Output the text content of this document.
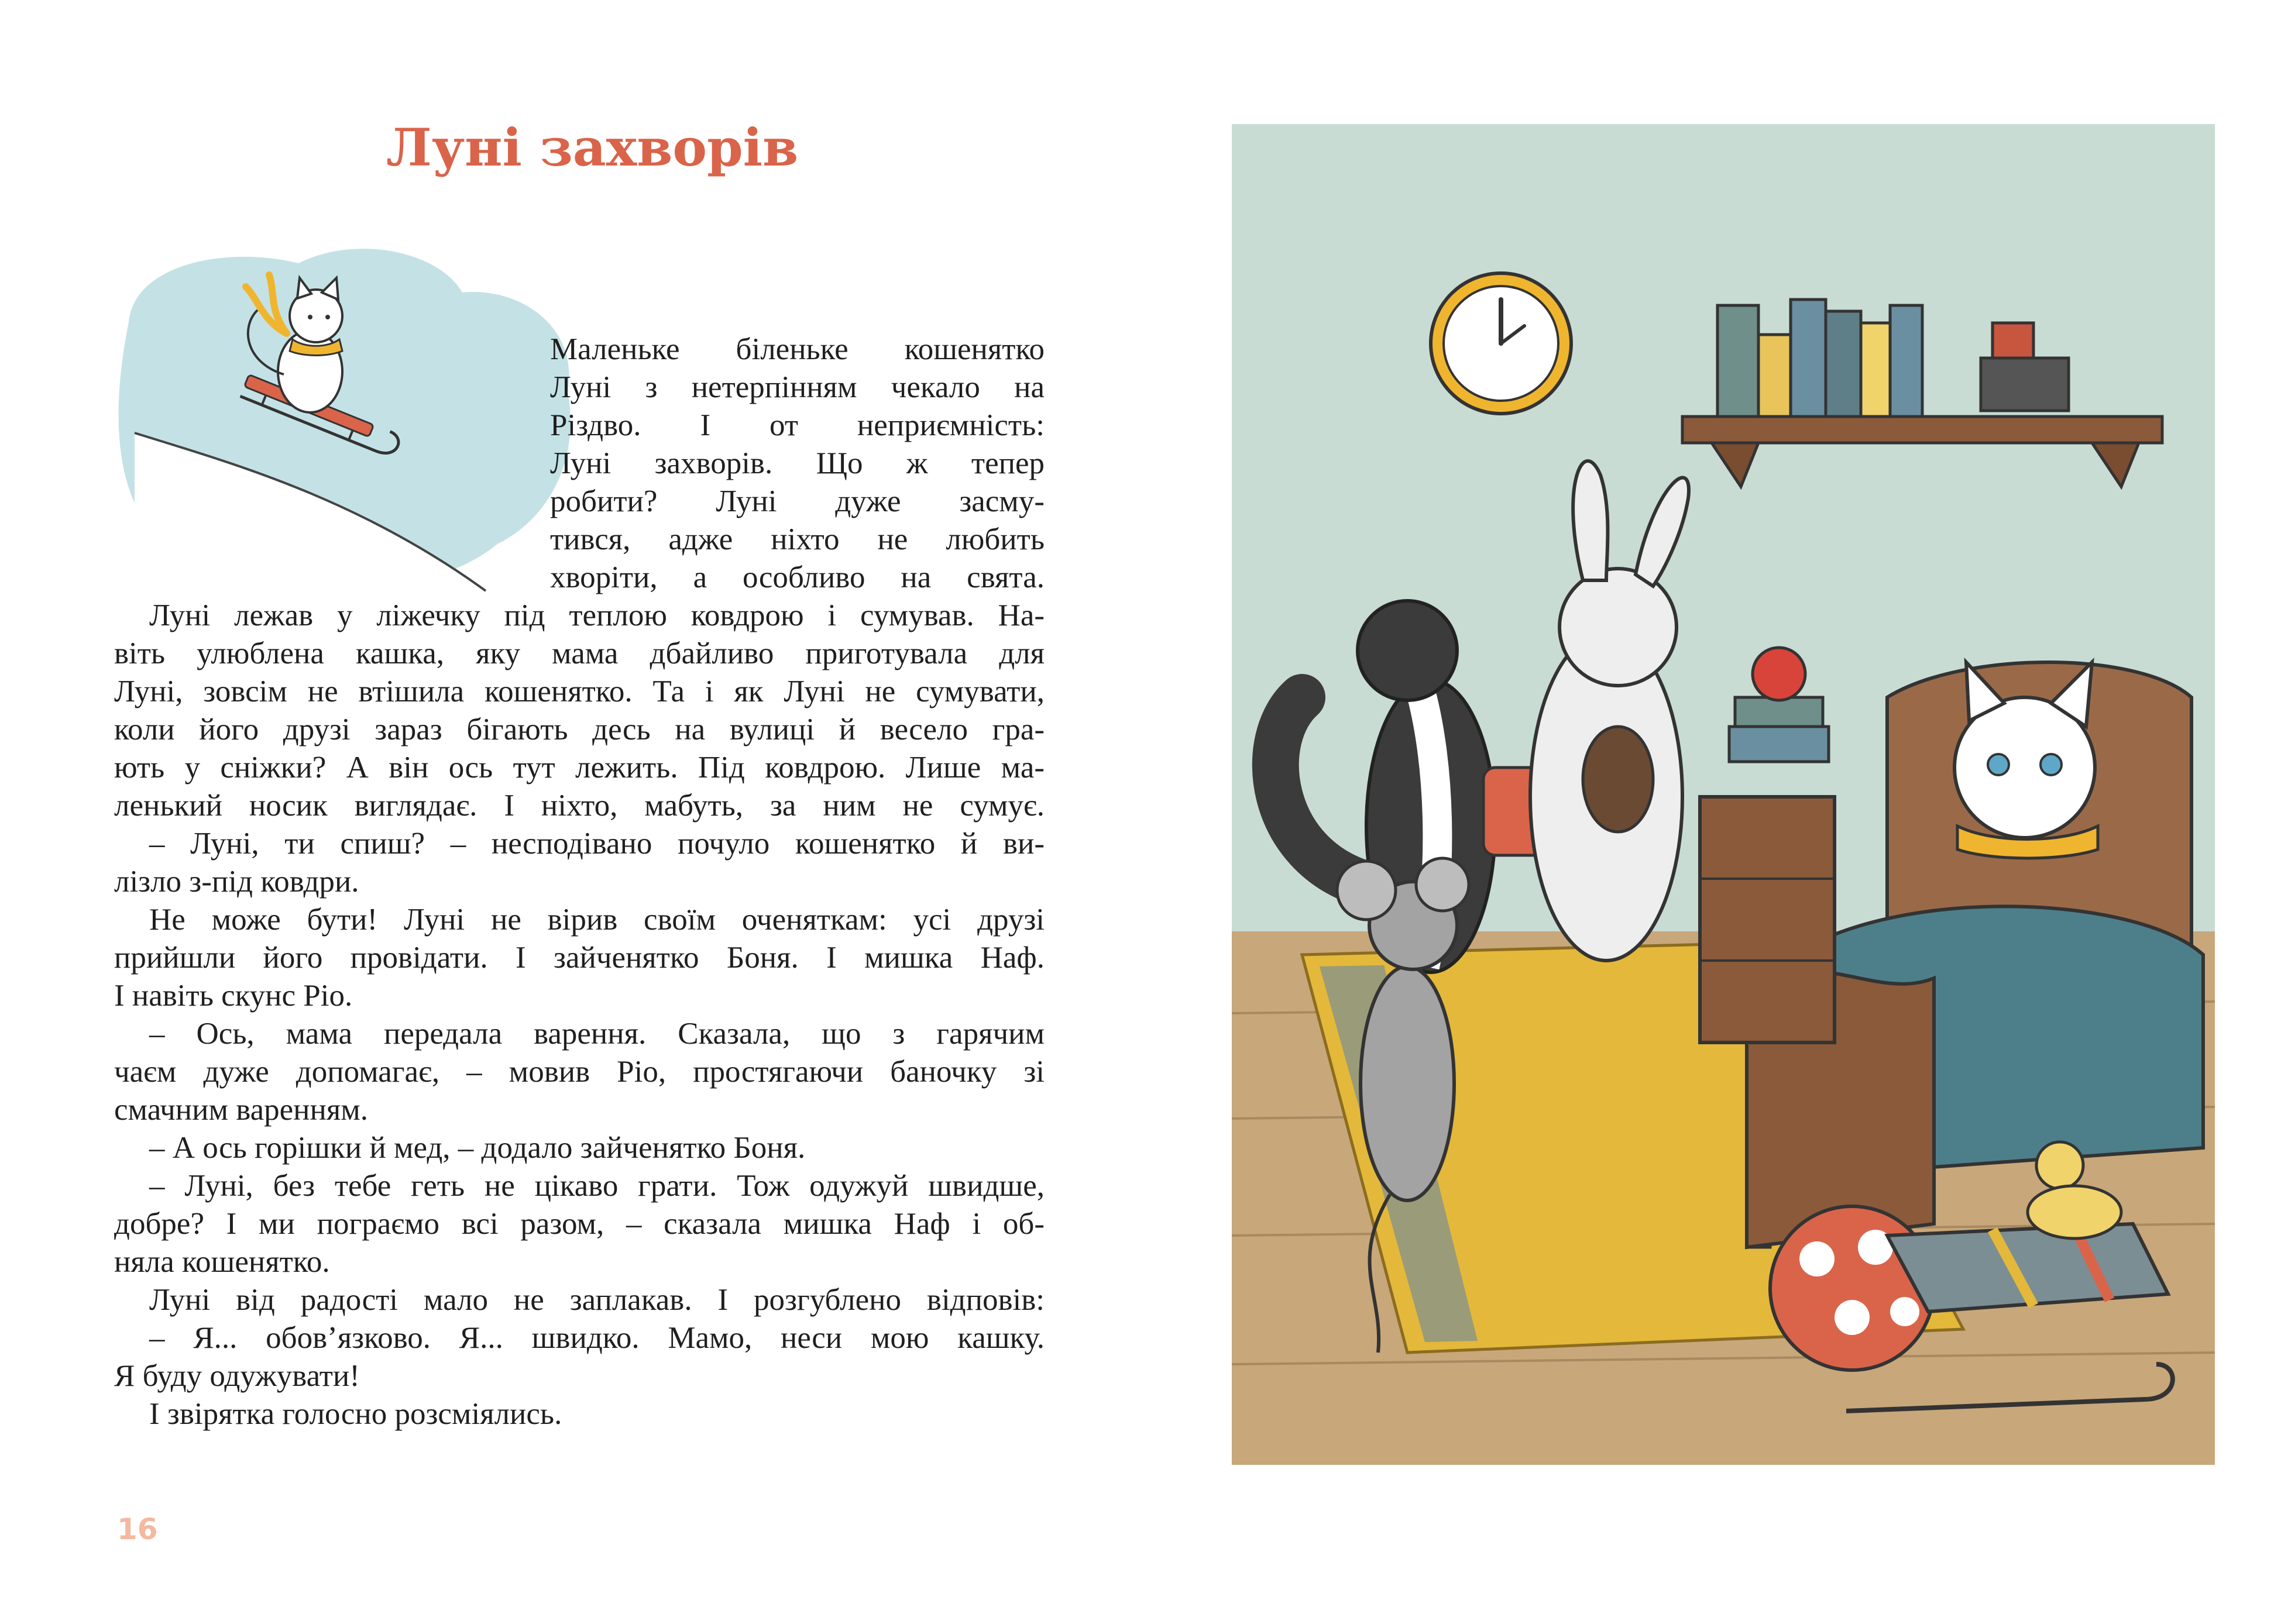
Луні захворів
Маленьке біленьке кошенятко
Луні з нетерпінням чекало на
Різдво. І от неприємність:
Луні захворів. Що ж тепер
робити? Луні дуже засму-
тився, адже ніхто не любить
хворіти, а особливо на свята.
Луні лежав у ліжечку під теплою ковдрою і сумував. На-
віть улюблена кашка, яку мама дбайливо приготувала для
Луні, зовсім не втішила кошенятко. Та і як Луні не сумувати,
коли його друзі зараз бігають десь на вулиці й весело гра-
ють у сніжки? А він ось тут лежить. Під ковдрою. Лише ма-
ленький носик виглядає. І ніхто, мабуть, за ним не сумує.
– Луні, ти спиш? – несподівано почуло кошенятко й ви-
лізло з-під ковдри.
Не може бути! Луні не вірив своїм оченяткам: усі друзі
прийшли його провідати. І зайченятко Боня. І мишка Наф.
І навіть скунс Ріо.
– Ось, мама передала варення. Сказала, що з гарячим
чаєм дуже допомагає, – мовив Ріо, простягаючи баночку зі
смачним варенням.
– А ось горішки й мед, – додало зайченятко Боня.
– Луні, без тебе геть не цікаво грати. Тож одужуй швидше,
добре? І ми пограємо всі разом, – сказала мишка Наф і об-
няла кошенятко.
Луні від радості мало не заплакав. І розгублено відповів:
– Я... обов’язково. Я... швидко. Мамо, неси мою кашку.
Я буду одужувати!
І звірятка голосно розсміялись.
16
